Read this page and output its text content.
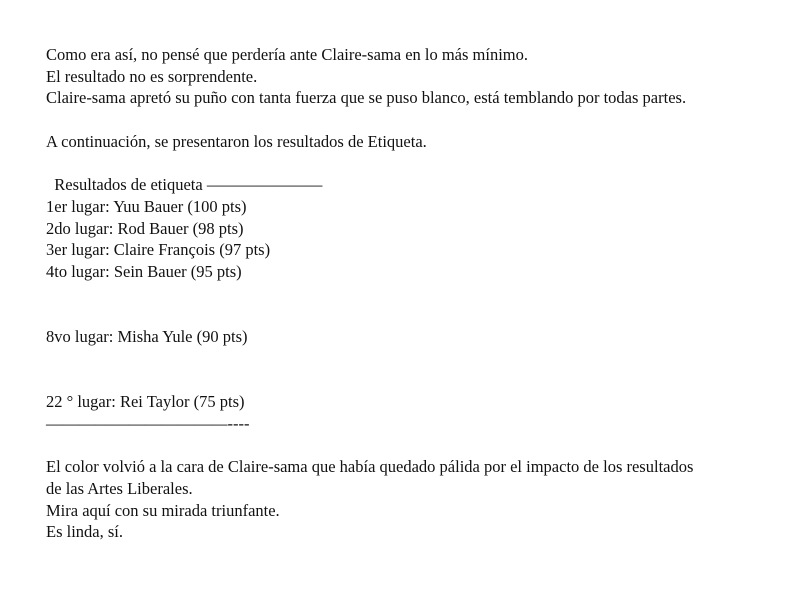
Como era así, no pensé que perdería ante Claire-sama en lo más mínimo.
El resultado no es sorprendente.
Claire-sama apretó su puño con tanta fuerza que se puso blanco, está temblando por todas partes.
A continuación, se presentaron los resultados de Etiqueta.
Resultados de etiqueta ———————
1er lugar: Yuu Bauer (100 pts)
2do lugar: Rod Bauer (98 pts)
3er lugar: Claire François (97 pts)
4to lugar: Sein Bauer (95 pts)
8vo lugar: Misha Yule (90 pts)
22 ° lugar: Rei Taylor (75 pts)
———————————----
El color volvió a la cara de Claire-sama que había quedado pálida por el impacto de los resultados de las Artes Liberales.
Mira aquí con su mirada triunfante.
Es linda, sí.
